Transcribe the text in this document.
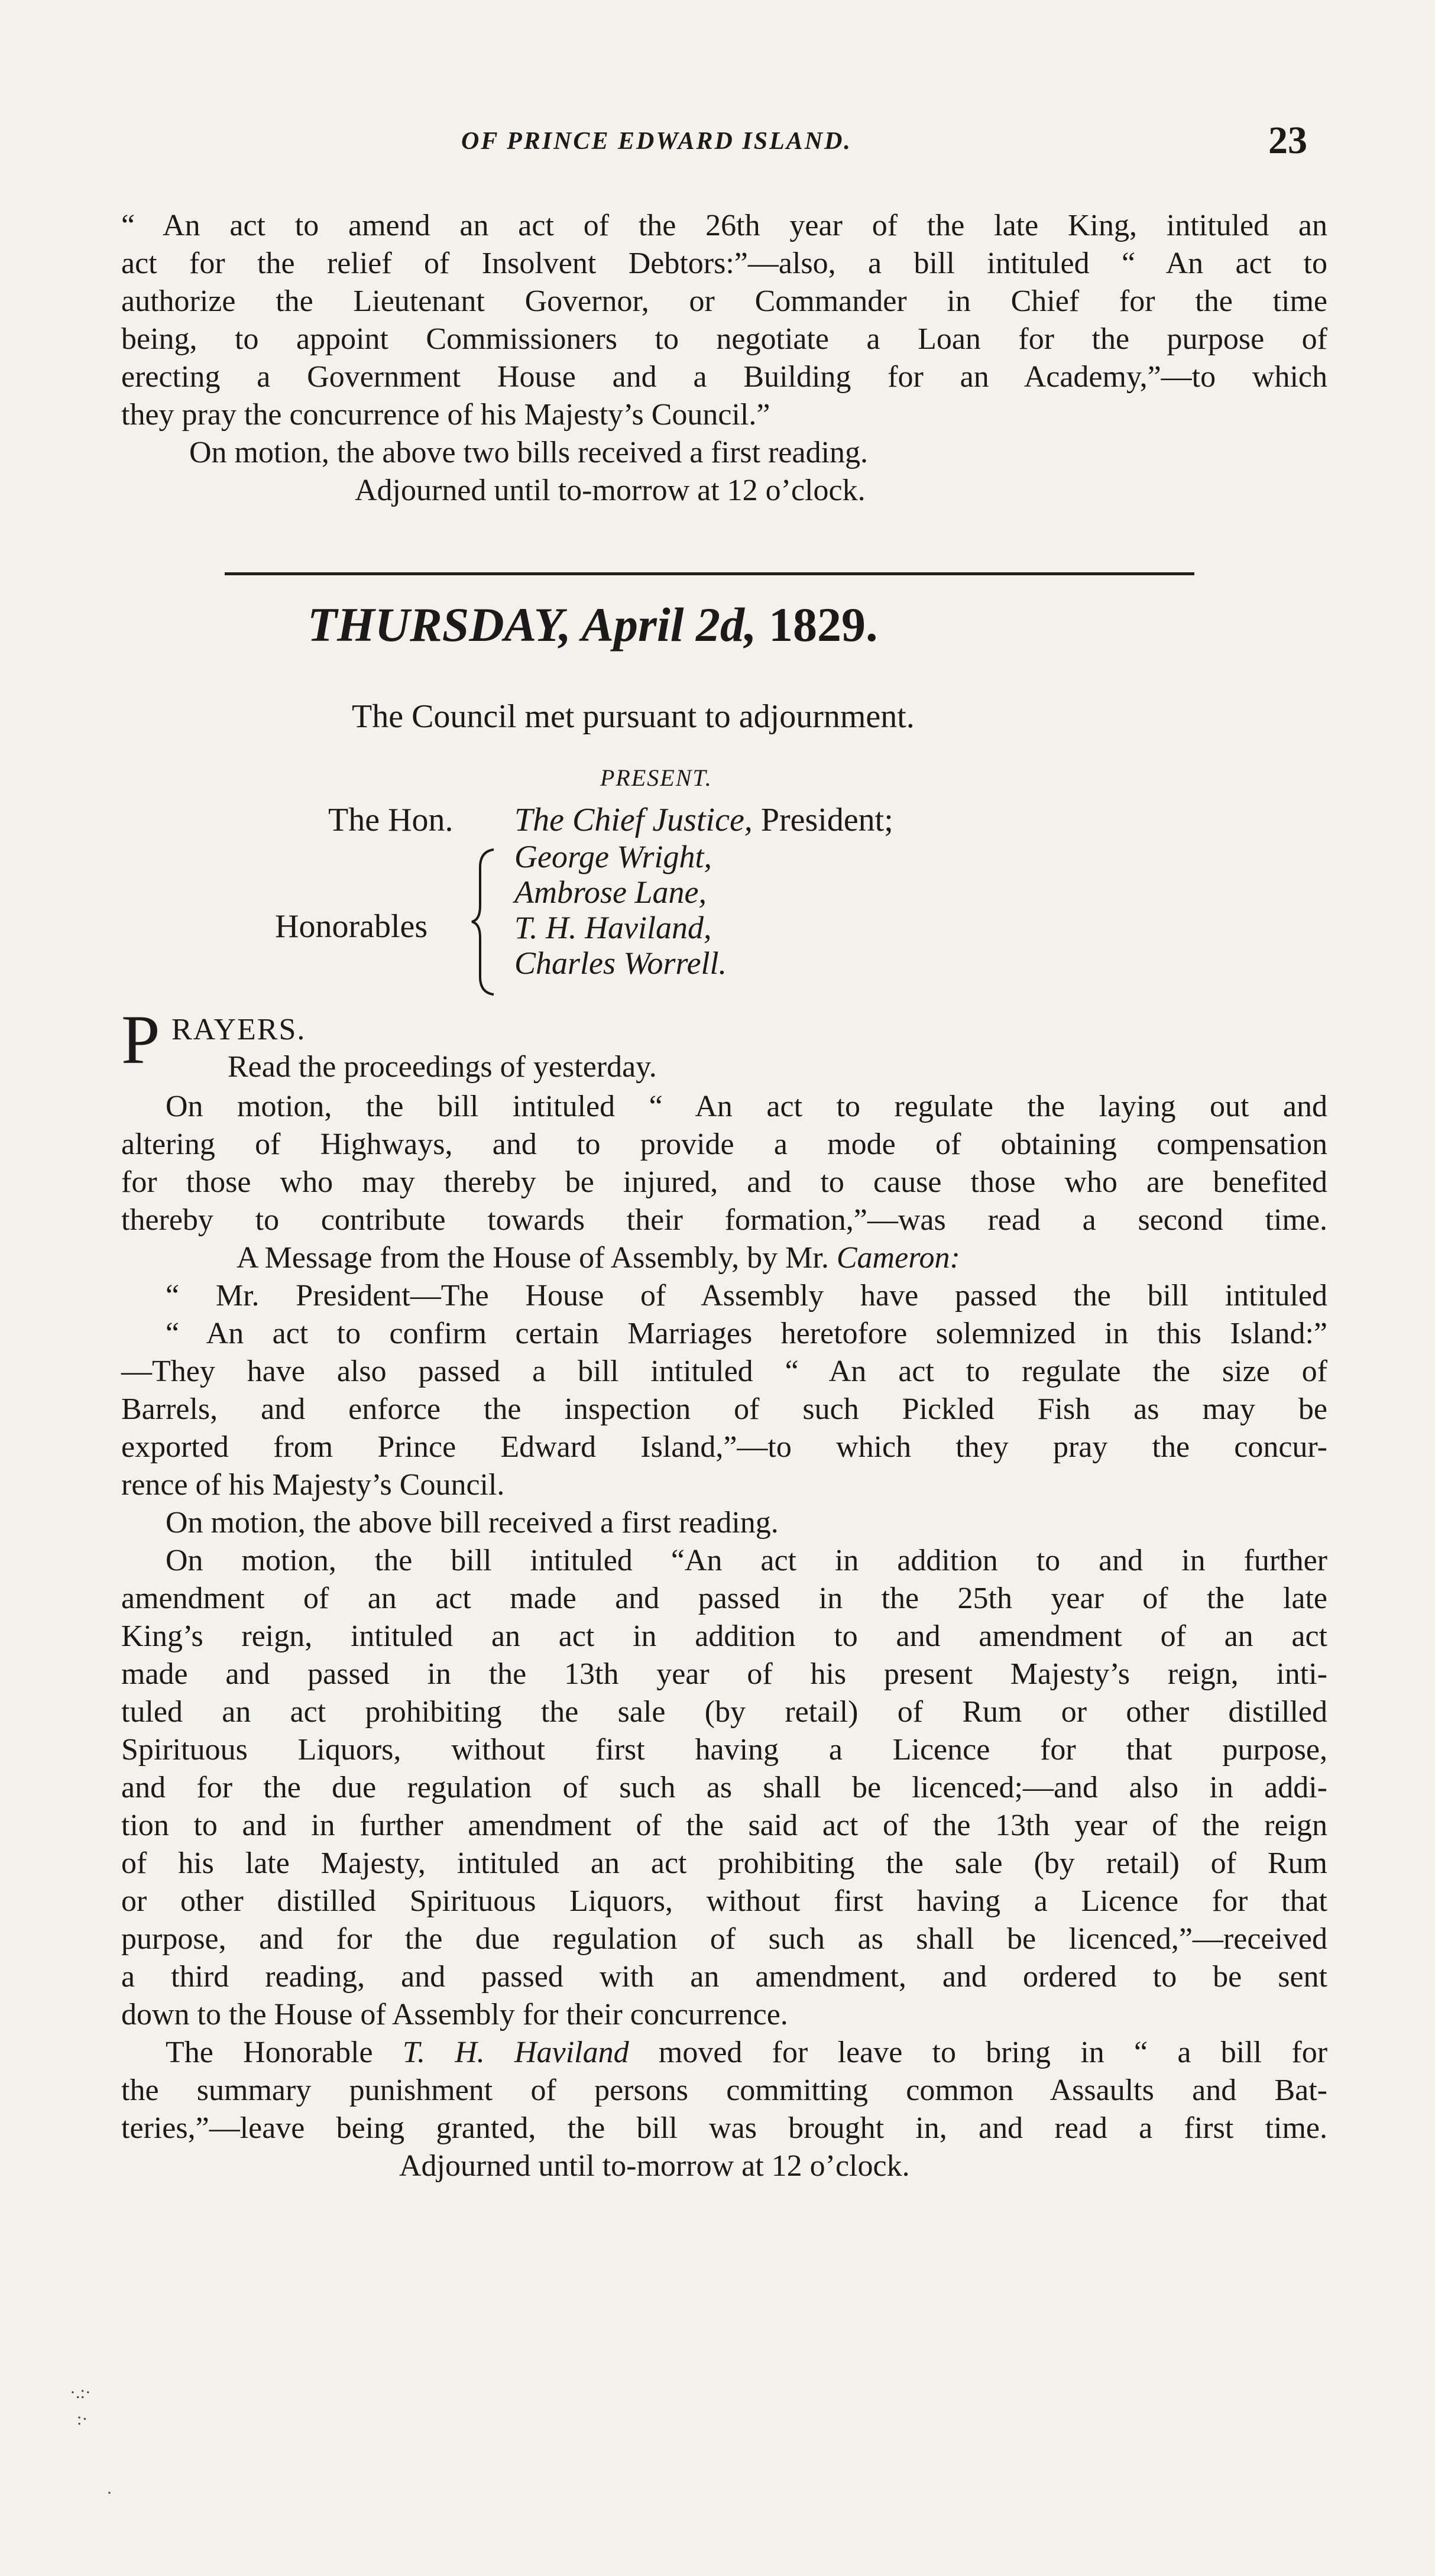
OF PRINCE EDWARD ISLAND.	23
“ An act to amend an act of the 26th year of the late King, intituled an
act for the relief of Insolvent Debtors:”—also, a bill intituled “ An act to
authorize the Lieutenant Governor, or Commander in Chief for the time
being, to appoint Commissioners to negotiate a Loan for the purpose of
erecting a Government House and a Building for an Academy,”—to which
they pray the concurrence of his Majesty’s Council.”
On motion, the above two bills received a first reading.
Adjourned until to-morrow at 12 o’clock.
THURSDAY, April 2d, 1829.
The Council met pursuant to adjournment.
PRESENT.
The Hon. The Chief Justice, President;
Honorables
George Wright,
Ambrose Lane,
T. H. Haviland,
Charles Worrell.
P RAYERS.
Read the proceedings of yesterday.
On motion, the bill intituled “ An act to regulate the laying out and
altering of Highways, and to provide a mode of obtaining compensation
for those who may thereby be injured, and to cause those who are benefited
thereby to contribute towards their formation,”—was read a second time.
A Message from the House of Assembly, by Mr. Cameron:
“ Mr. President—The House of Assembly have passed the bill intituled
“ An act to confirm certain Marriages heretofore solemnized in this Island:”
—They have also passed a bill intituled “ An act to regulate the size of
Barrels, and enforce the inspection of such Pickled Fish as may be
exported from Prince Edward Island,”—to which they pray the concur-
rence of his Majesty’s Council.
On motion, the above bill received a first reading.
On motion, the bill intituled “An act in addition to and in further
amendment of an act made and passed in the 25th year of the late
King’s reign, intituled an act in addition to and amendment of an act
made and passed in the 13th year of his present Majesty’s reign, inti-
tuled an act prohibiting the sale (by retail) of Rum or other distilled
Spirituous Liquors, without first having a Licence for that purpose,
and for the due regulation of such as shall be licenced;—and also in addi-
tion to and in further amendment of the said act of the 13th year of the reign
of his late Majesty, intituled an act prohibiting the sale (by retail) of Rum
or other distilled Spirituous Liquors, without first having a Licence for that
purpose, and for the due regulation of such as shall be licenced,”—received
a third reading, and passed with an amendment, and ordered to be sent
down to the House of Assembly for their concurrence.
The Honorable T. H. Haviland moved for leave to bring in “ a bill for
the summary punishment of persons committing common Assaults and Bat-
teries,”—leave being granted, the bill was brought in, and read a first time.
Adjourned until to-morrow at 12 o’clock.
·.:·
:·
·
